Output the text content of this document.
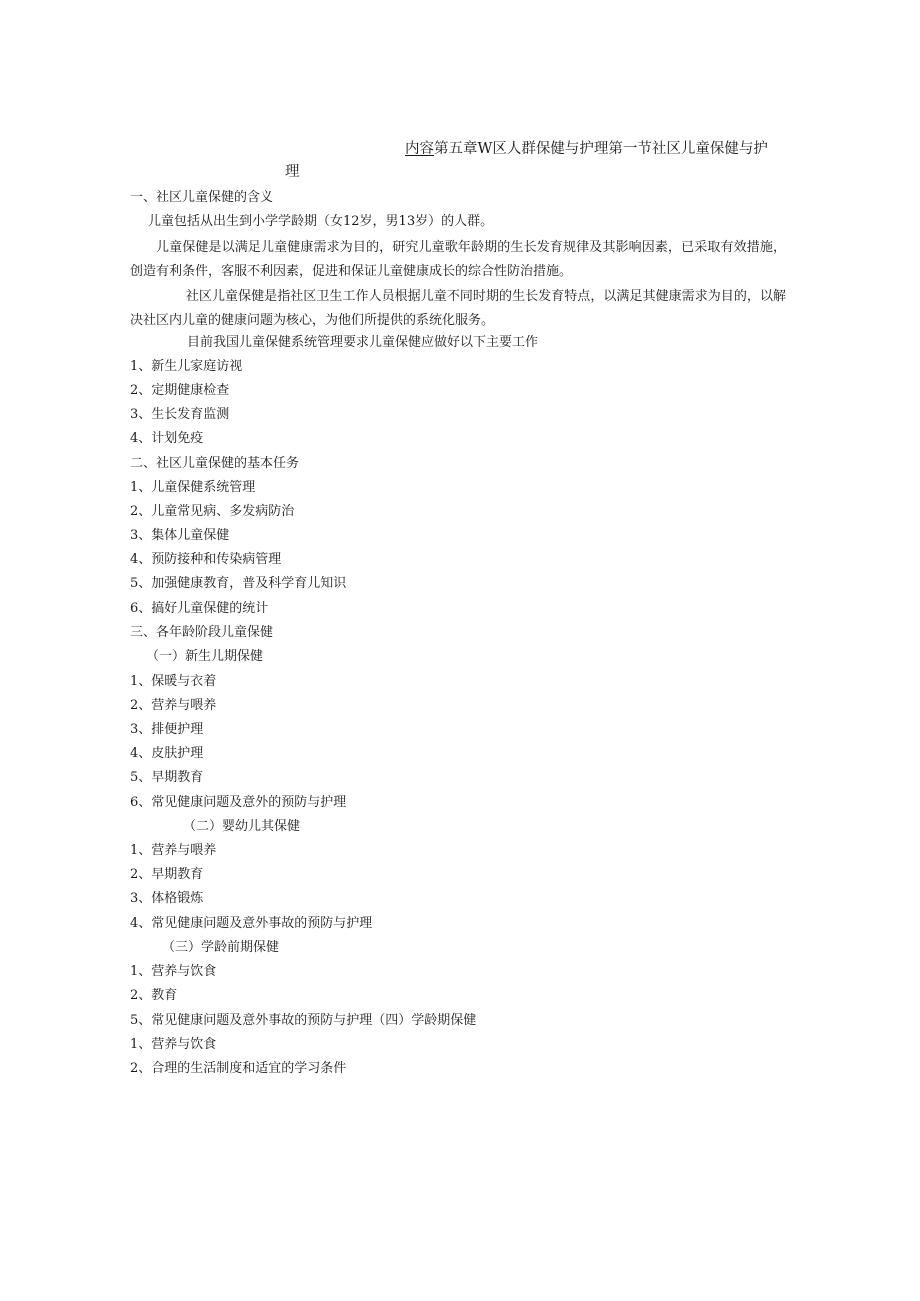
内容第五章W区人群保健与护理第一节社区儿童保健与护
理
一、社区儿童保健的含义
儿童包括从出生到小学学龄期（女12岁，男13岁）的人群。
儿童保健是以满足儿童健康需求为目的，研究儿童歌年龄期的生长发育规律及其影响因素，已采取有效措施，创造有利条件，客服不利因素，促进和保证儿童健康成长的综合性防治措施。
社区儿童保健是指社区卫生工作人员根据儿童不同时期的生长发育特点，以满足其健康需求为目的，以解决社区内儿童的健康问题为核心，为他们所提供的系统化服务。
目前我国儿童保健系统管理要求儿童保健应做好以下主要工作
1、新生儿家庭访视
2、定期健康检查
3、生长发育监测
4、计划免疫
二、社区儿童保健的基本任务
1、儿童保健系统管理
2、儿童常见病、多发病防治
3、集体儿童保健
4、预防接种和传染病管理
5、加强健康教育，普及科学育儿知识
6、搞好儿童保健的统计
三、各年龄阶段儿童保健
（一）新生儿期保健
1、保暖与衣着
2、营养与喂养
3、排便护理
4、皮肤护理
5、早期教育
6、常见健康问题及意外的预防与护理
（二）婴幼儿其保健
1、营养与喂养
2、早期教育
3、体格锻炼
4、常见健康问题及意外事故的预防与护理
（三）学龄前期保健
1、营养与饮食
2、教育
5、常见健康问题及意外事故的预防与护理（四）学龄期保健
1、营养与饮食
2、合理的生活制度和适宜的学习条件
